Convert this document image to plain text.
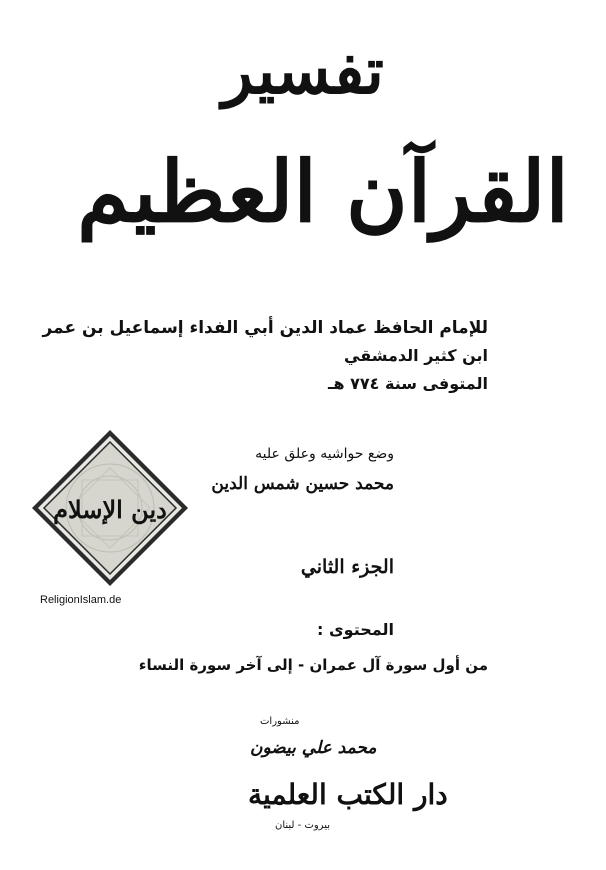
تفسير
القرآن العظيم
للإمام الحافظ عماد الدين أبي الفداء إسماعيل بن عمر
ابن كثير الدمشقي
المتوفى سنة ٧٧٤ هـ
وضع حواشيه وعلق عليه
محمد حسين شمس الدين
الجزء الثاني
المحتوى :
من أول سورة آل عمران - إلى آخر سورة النساء
منشورات
محمد علي بيضون
دار الكتب العلمية
بيروت - لبنان
دين الإسلام
ReligionIslam.de
